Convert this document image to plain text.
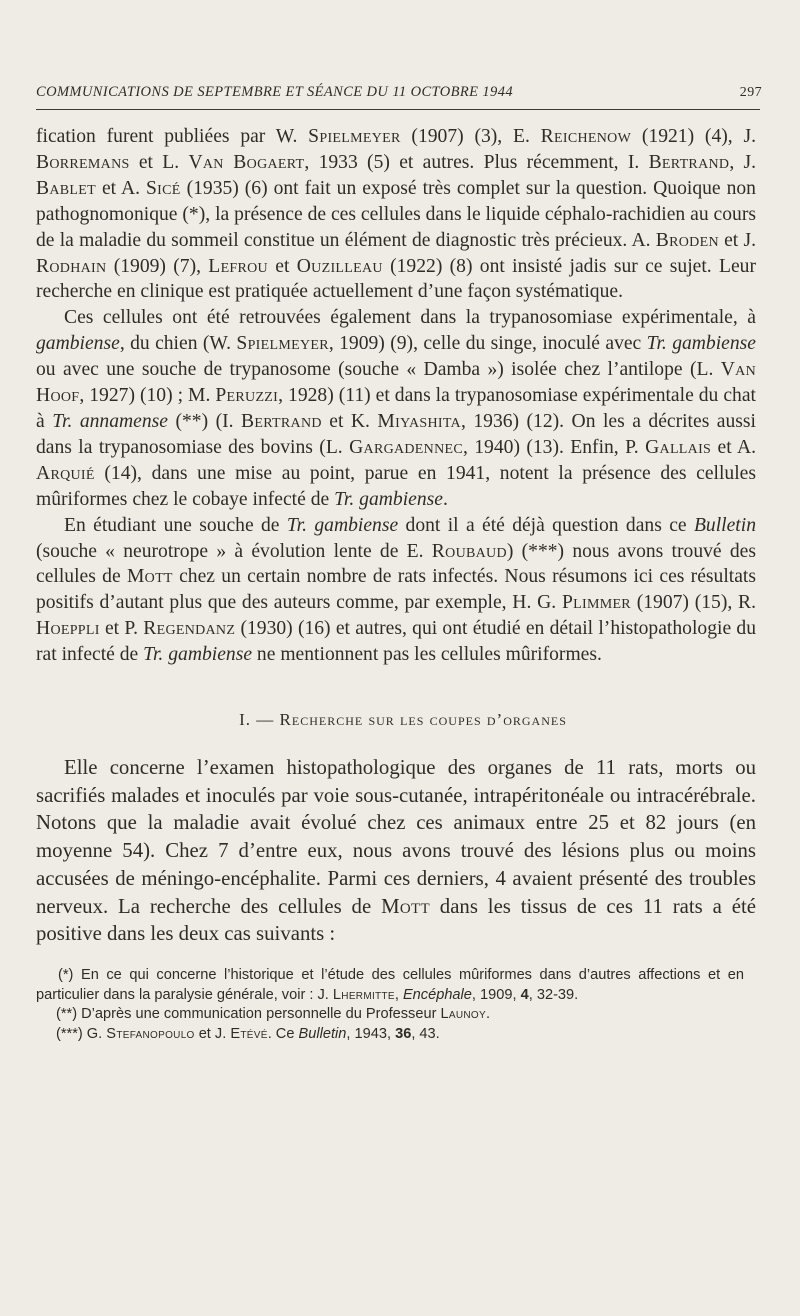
COMMUNICATIONS DE SEPTEMBRE ET SÉANCE DU 11 OCTOBRE 1944	297

fication furent publiées par W. Spielmeyer (1907) (3), E. Reichenow (1921) (4), J. Borremans et L. Van Bogaert, 1933 (5) et autres. Plus récemment, I. Bertrand, J. Bablet et A. Sicé (1935) (6) ont fait un exposé très complet sur la question. Quoique non pathognomonique (*), la présence de ces cellules dans le liquide céphalo-rachidien au cours de la maladie du sommeil constitue un élément de diagnostic très précieux. A. Broden et J. Rodhain (1909) (7), Lefrou et Ouzilleau (1922) (8) ont insisté jadis sur ce sujet. Leur recherche en clinique est pratiquée actuellement d’une façon systématique.

Ces cellules ont été retrouvées également dans la trypanosomiase expérimentale, à gambiense, du chien (W. Spielmeyer, 1909) (9), celle du singe, inoculé avec Tr. gambiense ou avec une souche de trypanosome (souche « Damba ») isolée chez l’antilope (L. Van Hoof, 1927) (10) ; M. Peruzzi, 1928) (11) et dans la trypanosomiase expérimentale du chat à Tr. annamense (**) (I. Bertrand et K. Miyashita, 1936) (12). On les a décrites aussi dans la trypanosomiase des bovins (L. Gargadennec, 1940) (13). Enfin, P. Gallais et A. Arquié (14), dans une mise au point, parue en 1941, notent la présence des cellules mûriformes chez le cobaye infecté de Tr. gambiense.

En étudiant une souche de Tr. gambiense dont il a été déjà question dans ce Bulletin (souche « neurotrope » à évolution lente de E. Roubaud) (***) nous avons trouvé des cellules de Mott chez un certain nombre de rats infectés. Nous résumons ici ces résultats positifs d’autant plus que des auteurs comme, par exemple, H. G. Plimmer (1907) (15), R. Hoeppli et P. Regendanz (1930) (16) et autres, qui ont étudié en détail l’histopathologie du rat infecté de Tr. gambiense ne mentionnent pas les cellules mûriformes.

I. — Recherche sur les coupes d’organes

Elle concerne l’examen histopathologique des organes de 11 rats, morts ou sacrifiés malades et inoculés par voie sous-cutanée, intrapéritonéale ou intracérébrale. Notons que la maladie avait évolué chez ces animaux entre 25 et 82 jours (en moyenne 54). Chez 7 d’entre eux, nous avons trouvé des lésions plus ou moins accusées de méningo-encéphalite. Parmi ces derniers, 4 avaient présenté des troubles nerveux. La recherche des cellules de Mott dans les tissus de ces 11 rats a été positive dans les deux cas suivants :

(*) En ce qui concerne l’historique et l’étude des cellules mûriformes dans d’autres affections et en particulier dans la paralysie générale, voir : J. Lhermitte, Encéphale, 1909, 4, 32-39.

(**) D’après une communication personnelle du Professeur Launoy.

(***) G. Stefanopoulo et J. Etévé. Ce Bulletin, 1943, 36, 43.
